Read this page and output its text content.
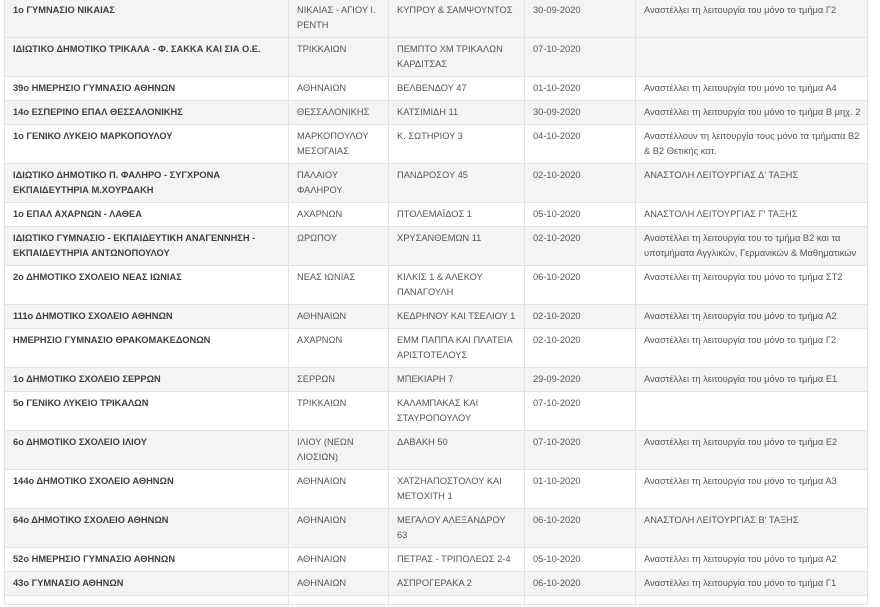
1ο ΓΥΜΝΑΣΙΟ ΝΙΚΑΙΑΣ	ΝΙΚΑΙΑΣ - ΑΓΙΟΥ Ι. ΡΕΝΤΗ	ΚΥΠΡΟΥ & ΣΑΜΨΟΥΝΤΟΣ	30-09-2020	Αναστέλλει τη λειτουργία του μόνο το τμήμα Γ2
ΙΔΙΩΤΙΚΟ ΔΗΜΟΤΙΚΟ ΤΡΙΚΑΛΑ - Φ. ΣΑΚΚΑ ΚΑΙ ΣΙΑ Ο.Ε.	ΤΡΙΚΚΑΙΩΝ	ΠΕΜΠΤΟ ΧΜ ΤΡΙΚΑΛΩΝ ΚΑΡΔΙΤΣΑΣ	07-10-2020	
39ο ΗΜΕΡΗΣΙΟ ΓΥΜΝΑΣΙΟ ΑΘΗΝΩΝ	ΑΘΗΝΑΙΩΝ	ΒΕΛΒΕΝΔΟΥ 47	01-10-2020	Αναστέλλει τη λειτουργία του μόνο το τμήμα Α4
14ο ΕΣΠΕΡΙΝΟ ΕΠΑΛ ΘΕΣΣΑΛΟΝΙΚΗΣ	ΘΕΣΣΑΛΟΝΙΚΗΣ	ΚΑΤΣΙΜΙΔΗ 11	30-09-2020	Αναστέλλει τη λειτουργία του μόνο το τμήμα Β μηχ. 2
1ο ΓΕΝΙΚΟ ΛΥΚΕΙΟ ΜΑΡΚΟΠΟΥΛΟΥ	ΜΑΡΚΟΠΟΥΛΟΥ ΜΕΣΟΓΑΙΑΣ	Κ. ΣΩΤΗΡΙΟΥ 3	04-10-2020	Αναστέλλουν τη λειτουργία τους μόνο τα τμήματα Β2 & Β2 Θετικής κατ.
ΙΔΙΩΤΙΚΟ ΔΗΜΟΤΙΚΟ Π. ΦΑΛΗΡΟ - ΣΥΓΧΡΟΝΑ ΕΚΠΑΙΔΕΥΤΗΡΙΑ Μ.ΧΟΥΡΔΑΚΗ	ΠΑΛΑΙΟΥ ΦΑΛΗΡΟΥ	ΠΑΝΔΡΟΣΟΥ 45	02-10-2020	ΑΝΑΣΤΟΛΗ ΛΕΙΤΟΥΡΓΙΑΣ Δ' ΤΑΞΗΣ
1ο ΕΠΑΛ ΑΧΑΡΝΩΝ - ΛΑΘΕΑ	ΑΧΑΡΝΩΝ	ΠΤΟΛΕΜΑΪΔΟΣ 1	05-10-2020	ΑΝΑΣΤΟΛΗ ΛΕΙΤΟΥΡΓΙΑΣ Γ' ΤΑΞΗΣ
ΙΔΙΩΤΙΚΟ ΓΥΜΝΑΣΙΟ - ΕΚΠΑΙΔΕΥΤΙΚΗ ΑΝΑΓΕΝΝΗΣΗ - ΕΚΠΑΙΔΕΥΤΗΡΙΑ ΑΝΤΩΝΟΠΟΥΛΟΥ	ΩΡΩΠΟΥ	ΧΡΥΣΑΝΘΕΜΩΝ 11	02-10-2020	Αναστέλλει τη λειτουργία του το τμήμα Β2 και τα υποτμήματα Αγγλικών, Γερμανικών & Μαθηματικών
2ο ΔΗΜΟΤΙΚΟ ΣΧΟΛΕΙΟ ΝΕΑΣ ΙΩΝΙΑΣ	ΝΕΑΣ ΙΩΝΙΑΣ	ΚΙΛΚΙΣ 1 & ΑΛΕΚΟΥ ΠΑΝΑΓΟΥΛΗ	06-10-2020	Αναστέλλει τη λειτουργία του μόνο το τμήμα ΣΤ2
111ο ΔΗΜΟΤΙΚΟ ΣΧΟΛΕΙΟ ΑΘΗΝΩΝ	ΑΘΗΝΑΙΩΝ	ΚΕΔΡΗΝΟΥ ΚΑΙ ΤΣΕΛΙΟΥ 1	02-10-2020	Αναστέλλει τη λειτουργία του μόνο το τμήμα Α2
ΗΜΕΡΗΣΙΟ ΓΥΜΝΑΣΙΟ ΘΡΑΚΟΜΑΚΕΔΟΝΩΝ	ΑΧΑΡΝΩΝ	ΕΜΜ ΠΑΠΠΑ ΚΑΙ ΠΛΑΤΕΙΑ ΑΡΙΣΤΟΤΕΛΟΥΣ	02-10-2020	Αναστέλλει τη λειτουργία του μόνο το τμήμα Γ2
1ο ΔΗΜΟΤΙΚΟ ΣΧΟΛΕΙΟ ΣΕΡΡΩΝ	ΣΕΡΡΩΝ	ΜΠΕΚΙΑΡΗ 7	29-09-2020	Αναστέλλει τη λειτουργία του μόνο το τμήμα Ε1
5ο ΓΕΝΙΚΟ ΛΥΚΕΙΟ ΤΡΙΚΑΛΩΝ	ΤΡΙΚΚΑΙΩΝ	ΚΑΛΑΜΠΑΚΑΣ ΚΑΙ ΣΤΑΥΡΟΠΟΥΛΟΥ	07-10-2020	
6ο ΔΗΜΟΤΙΚΟ ΣΧΟΛΕΙΟ ΙΛΙΟΥ	ΙΛΙΟΥ (ΝΕΩΝ ΛΙΟΣΙΩΝ)	ΔΑΒΑΚΗ 50	07-10-2020	Αναστέλλει τη λειτουργία του μόνο το τμήμα Ε2
144ο ΔΗΜΟΤΙΚΟ ΣΧΟΛΕΙΟ ΑΘΗΝΩΝ	ΑΘΗΝΑΙΩΝ	ΧΑΤΖΗΑΠΟΣΤΟΛΟΥ ΚΑΙ ΜΕΤΟΧΙΤΗ 1	01-10-2020	Αναστέλλει τη λειτουργία του μόνο το τμήμα Α3
64ο ΔΗΜΟΤΙΚΟ ΣΧΟΛΕΙΟ ΑΘΗΝΩΝ	ΑΘΗΝΑΙΩΝ	ΜΕΓΑΛΟΥ ΑΛΕΞΑΝΔΡΟΥ 63	06-10-2020	ΑΝΑΣΤΟΛΗ ΛΕΙΤΟΥΡΓΙΑΣ Β' ΤΑΞΗΣ
52ο ΗΜΕΡΗΣΙΟ ΓΥΜΝΑΣΙΟ ΑΘΗΝΩΝ	ΑΘΗΝΑΙΩΝ	ΠΕΤΡΑΣ - ΤΡΙΠΟΛΕΩΣ 2-4	05-10-2020	Αναστέλλει τη λειτουργία του μόνο το τμήμα Α2
43ο ΓΥΜΝΑΣΙΟ ΑΘΗΝΩΝ	ΑΘΗΝΑΙΩΝ	ΑΣΠΡΟΓΕΡΑΚΑ 2	06-10-2020	Αναστέλλει τη λειτουργία του μόνο το τμήμα Γ1
